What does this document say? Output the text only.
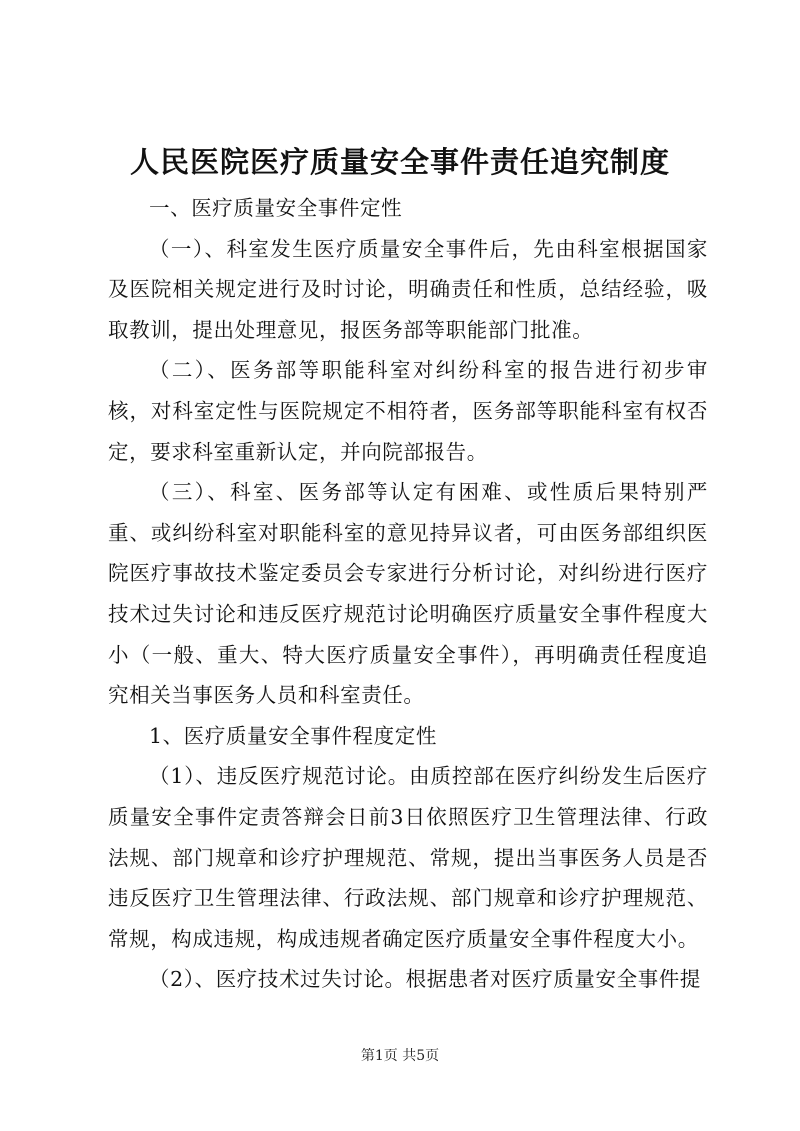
人民医院医疗质量安全事件责任追究制度

一、医疗质量安全事件定性

（一）、科室发生医疗质量安全事件后，先由科室根据国家及医院相关规定进行及时讨论，明确责任和性质，总结经验，吸取教训，提出处理意见，报医务部等职能部门批准。

（二）、医务部等职能科室对纠纷科室的报告进行初步审核，对科室定性与医院规定不相符者，医务部等职能科室有权否定，要求科室重新认定，并向院部报告。

（三）、科室、医务部等认定有困难、或性质后果特别严重、或纠纷科室对职能科室的意见持异议者，可由医务部组织医院医疗事故技术鉴定委员会专家进行分析讨论，对纠纷进行医疗技术过失讨论和违反医疗规范讨论明确医疗质量安全事件程度大小（一般、重大、特大医疗质量安全事件），再明确责任程度追究相关当事医务人员和科室责任。

1、医疗质量安全事件程度定性

（1）、违反医疗规范讨论。由质控部在医疗纠纷发生后医疗质量安全事件定责答辩会日前3日依照医疗卫生管理法律、行政法规、部门规章和诊疗护理规范、常规，提出当事医务人员是否违反医疗卫生管理法律、行政法规、部门规章和诊疗护理规范、常规，构成违规，构成违规者确定医疗质量安全事件程度大小。

（2）、医疗技术过失讨论。根据患者对医疗质量安全事件提

第1页 共5页
